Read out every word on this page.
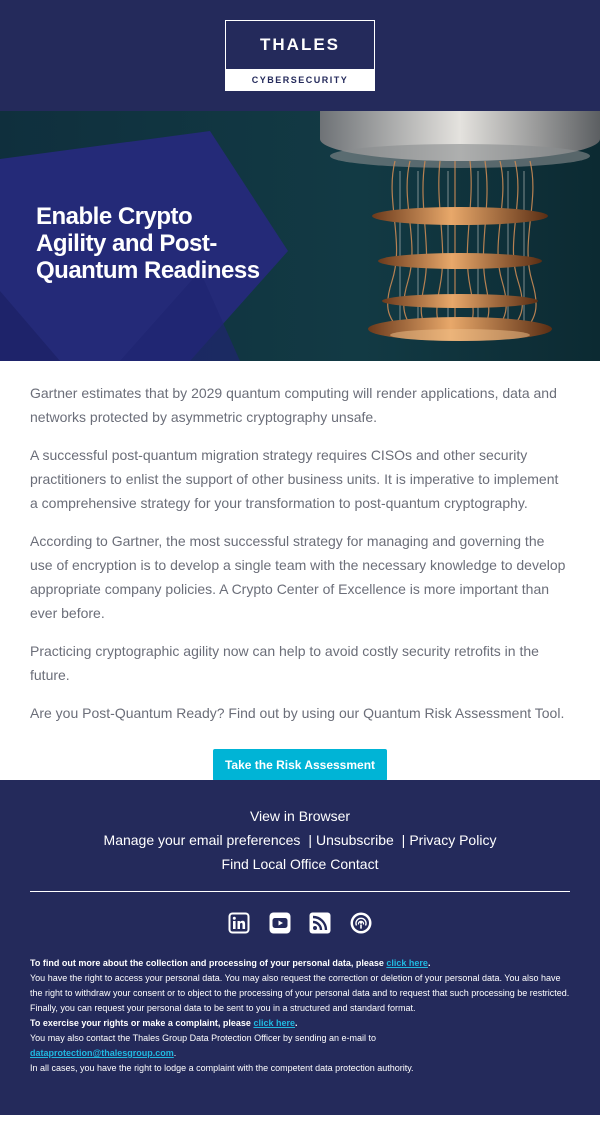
THALES
CYBERSECURITY
Enable Crypto
Agility and Post-
Quantum Readiness

Gartner estimates that by 2029 quantum computing will render applications, data and networks protected by asymmetric cryptography unsafe.

A successful post-quantum migration strategy requires CISOs and other security practitioners to enlist the support of other business units. It is imperative to implement a comprehensive strategy for your transformation to post-quantum cryptography.

According to Gartner, the most successful strategy for managing and governing the use of encryption is to develop a single team with the necessary knowledge to develop appropriate company policies. A Crypto Center of Excellence is more important than ever before.

Practicing cryptographic agility now can help to avoid costly security retrofits in the future.

Are you Post-Quantum Ready? Find out by using our Quantum Risk Assessment Tool.

Take the Risk Assessment
View in Browser
Manage your email preferences | Unsubscribe | Privacy Policy
Find Local Office Contact

To find out more about the collection and processing of your personal data, please click here.
You have the right to access your personal data. You may also request the correction or deletion of your personal data. You also have the right to withdraw your consent or to object to the processing of your personal data and to request that such processing be restricted. Finally, you can request your personal data to be sent to you in a structured and standard format.
To exercise your rights or make a complaint, please click here.
You may also contact the Thales Group Data Protection Officer by sending an e-mail to
dataprotection@thalesgroup.com.
In all cases, you have the right to lodge a complaint with the competent data protection authority.
